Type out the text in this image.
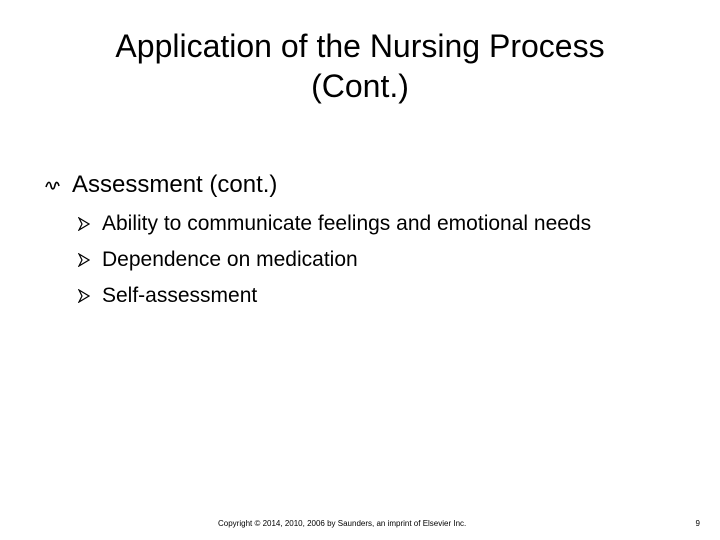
Application of the Nursing Process
(Cont.)
Assessment (cont.)
Ability to communicate feelings and emotional needs
Dependence on medication
Self-assessment
Copyright © 2014, 2010, 2006 by Saunders, an imprint of Elsevier Inc.	9
